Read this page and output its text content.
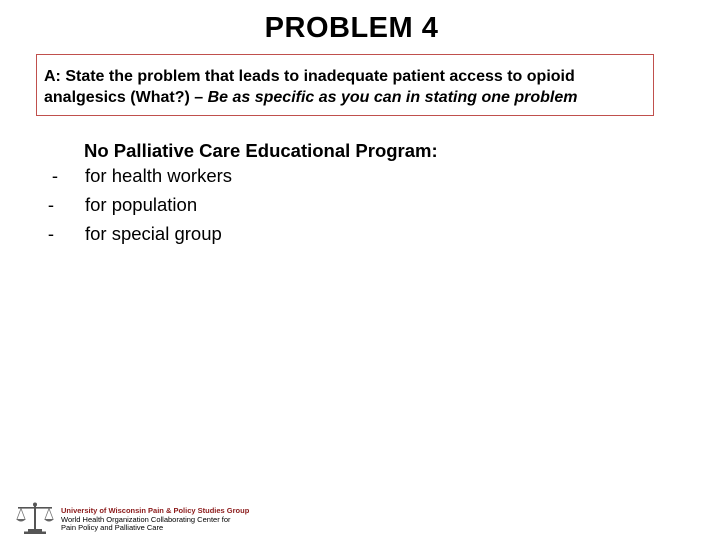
PROBLEM 4
A: State the problem that leads to inadequate patient access to opioid
analgesics (What?) – Be as specific as you can in stating one problem
No Palliative Care Educational Program:
- for health workers
- for population
- for special group
University of Wisconsin Pain & Policy Studies Group
World Health Organization Collaborating Center for
Pain Policy and Palliative Care
